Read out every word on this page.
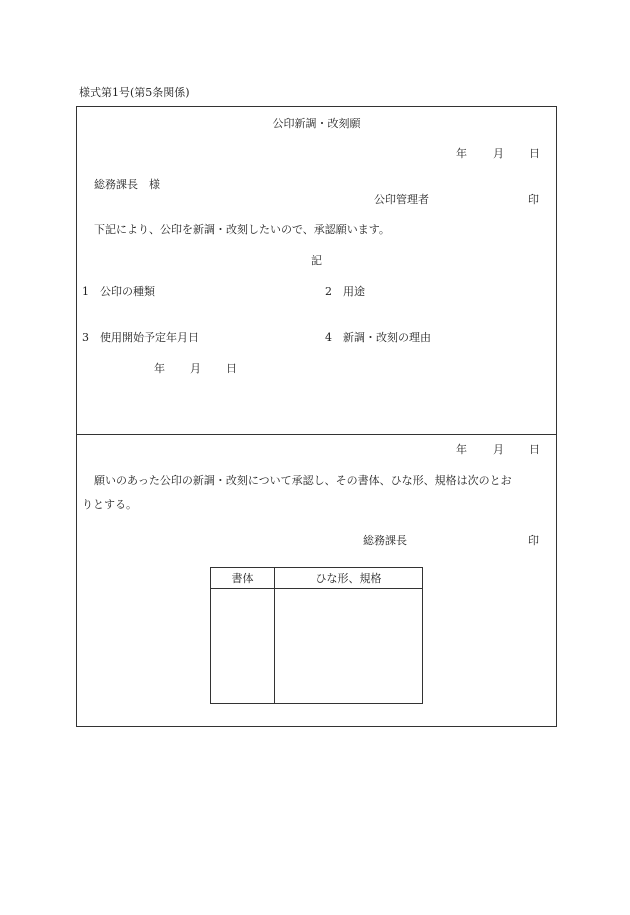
様式第1号(第5条関係)
公印新調・改刻願
年 月 日
総務課長　様
公印管理者	印
下記により、公印を新調・改刻したいので、承認願います。
記
1　公印の種類	2　用途
3　使用開始予定年月日	4　新調・改刻の理由
年 月 日
年 月 日
願いのあった公印の新調・改刻について承認し、その書体、ひな形、規格は次のとお
りとする。
総務課長	印
書体	ひな形、規格
